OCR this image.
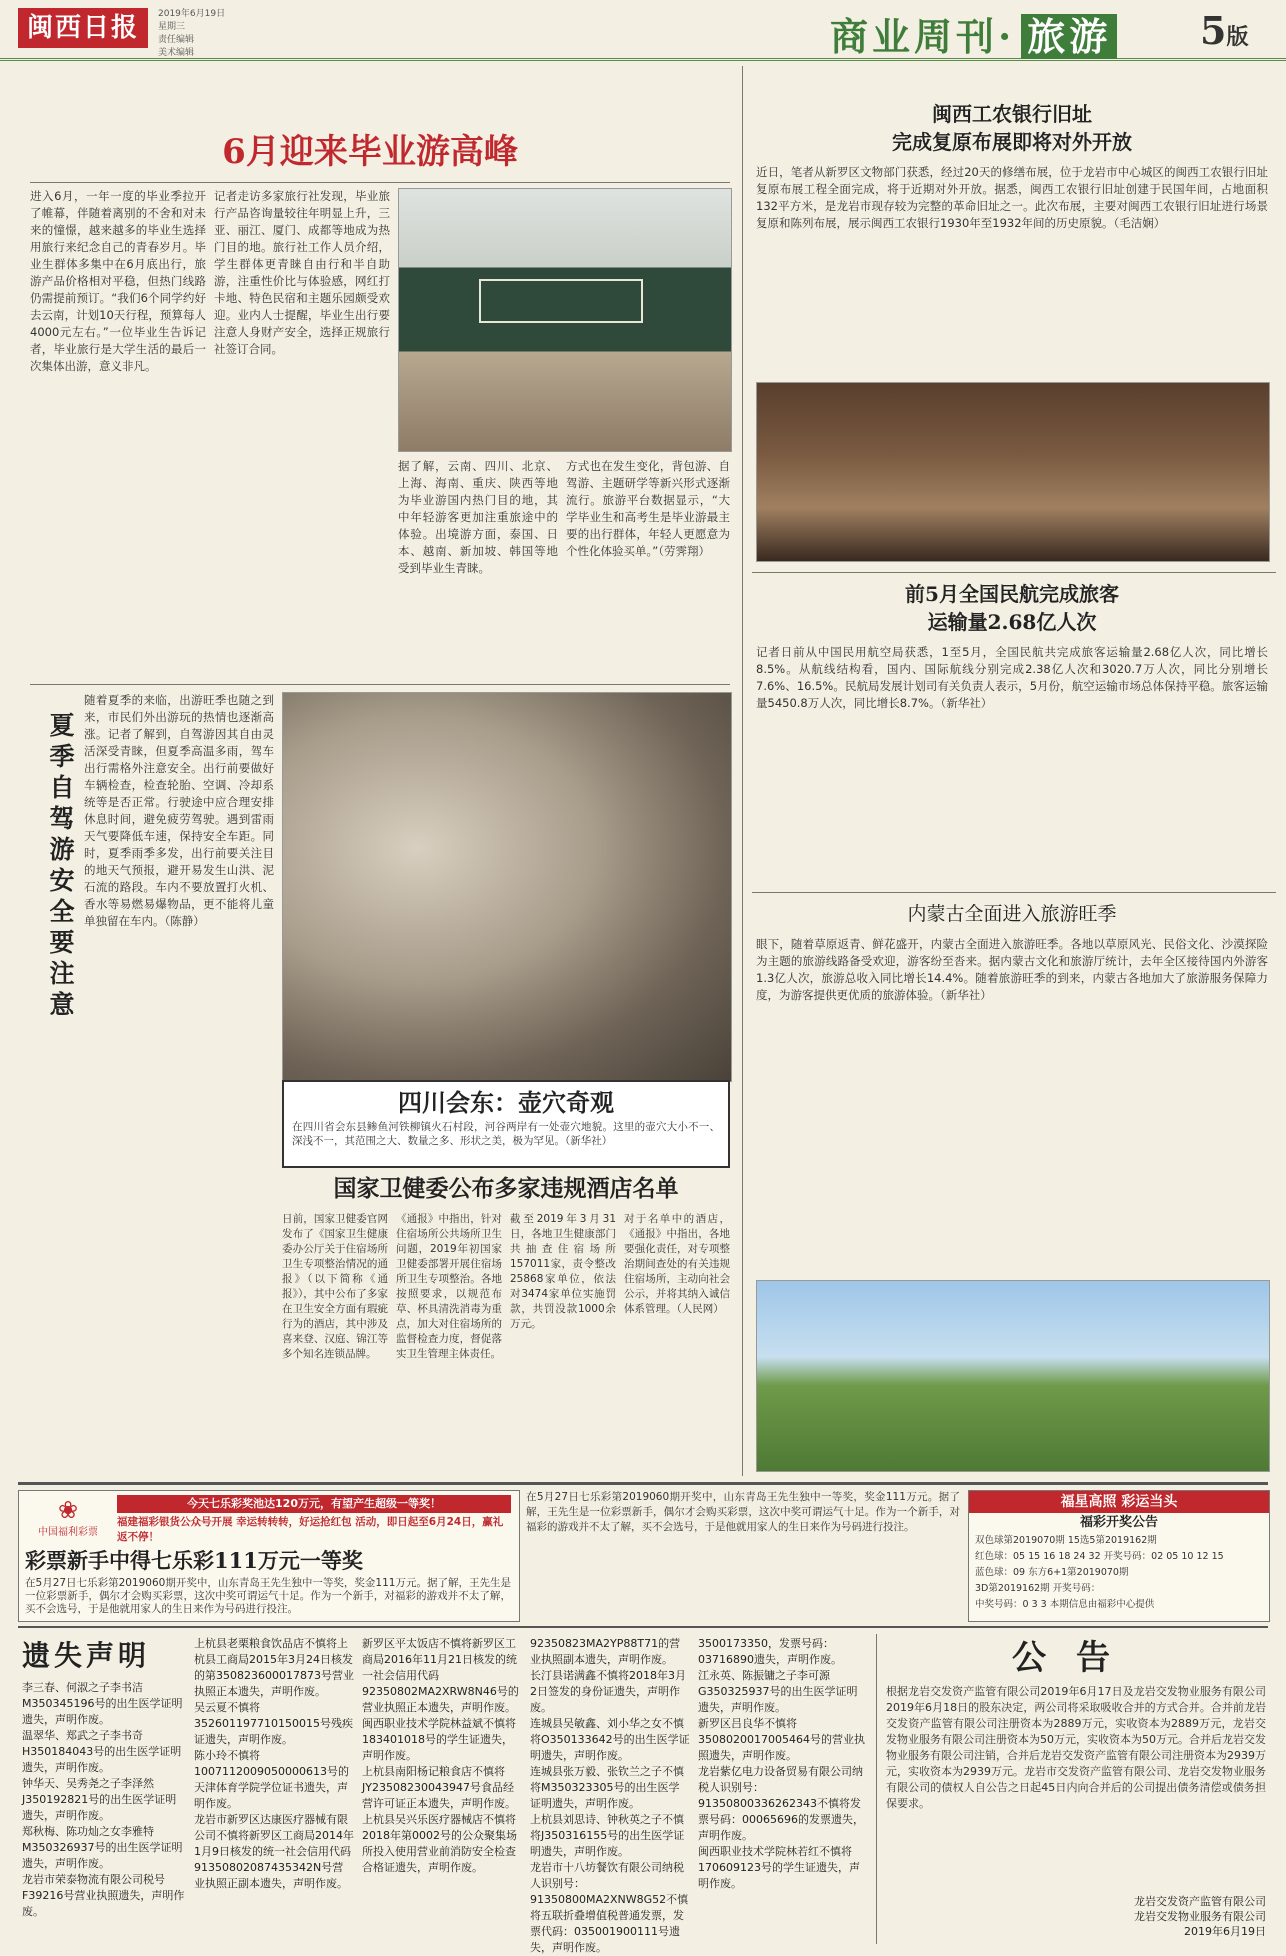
闽西日报	2019年6月19日
星期三
责任编辑
美术编辑	商业周刊· 旅游 5版
6月迎来毕业游高峰
进入6月，一年一度的毕业季拉开了帷幕，伴随着离别的不舍和对未来的憧憬，越来越多的毕业生选择用旅行来纪念自己的青春岁月。毕业生群体多集中在6月底出行，旅游产品价格相对平稳，但热门线路仍需提前预订。“我们6个同学约好去云南，计划10天行程，预算每人4000元左右。”一位毕业生告诉记者，毕业旅行是大学生活的最后一次集体出游，意义非凡。
记者走访多家旅行社发现，毕业旅行产品咨询量较往年明显上升，三亚、丽江、厦门、成都等地成为热门目的地。旅行社工作人员介绍，学生群体更青睐自由行和半自助游，注重性价比与体验感，网红打卡地、特色民宿和主题乐园颇受欢迎。业内人士提醒，毕业生出行要注意人身财产安全，选择正规旅行社签订合同。
据了解，云南、四川、北京、上海、海南、重庆、陕西等地为毕业游国内热门目的地，其中年轻游客更加注重旅途中的体验。出境游方面，泰国、日本、越南、新加坡、韩国等地受到毕业生青睐。
方式也在发生变化，背包游、自驾游、主题研学等新兴形式逐渐流行。旅游平台数据显示，“大学毕业生和高考生是毕业游最主要的出行群体，年轻人更愿意为个性化体验买单。”（劳霁翔）
闽西工农银行旧址
完成复原布展即将对外开放
近日，笔者从新罗区文物部门获悉，经过20天的修缮布展，位于龙岩市中心城区的闽西工农银行旧址复原布展工程全面完成，将于近期对外开放。据悉，闽西工农银行旧址创建于民国年间，占地面积132平方米，是龙岩市现存较为完整的革命旧址之一。此次布展，主要对闽西工农银行旧址进行场景复原和陈列布展，展示闽西工农银行1930年至1932年间的历史原貌。（毛洁娴）
前5月全国民航完成旅客
运输量2.68亿人次
记者日前从中国民用航空局获悉，1至5月，全国民航共完成旅客运输量2.68亿人次，同比增长8.5%。从航线结构看，国内、国际航线分别完成2.38亿人次和3020.7万人次，同比分别增长7.6%、16.5%。民航局发展计划司有关负责人表示，5月份，航空运输市场总体保持平稳。旅客运输量5450.8万人次，同比增长8.7%。（新华社）
内蒙古全面进入旅游旺季
眼下，随着草原返青、鲜花盛开，内蒙古全面进入旅游旺季。各地以草原风光、民俗文化、沙漠探险为主题的旅游线路备受欢迎，游客纷至沓来。据内蒙古文化和旅游厅统计，去年全区接待国内外游客1.3亿人次，旅游总收入同比增长14.4%。随着旅游旺季的到来，内蒙古各地加大了旅游服务保障力度，为游客提供更优质的旅游体验。（新华社）
夏季自驾游安全要注意
随着夏季的来临，出游旺季也随之到来，市民们外出游玩的热情也逐渐高涨。记者了解到，自驾游因其自由灵活深受青睐，但夏季高温多雨，驾车出行需格外注意安全。出行前要做好车辆检查，检查轮胎、空调、冷却系统等是否正常。行驶途中应合理安排休息时间，避免疲劳驾驶。遇到雷雨天气要降低车速，保持安全车距。同时，夏季雨季多发，出行前要关注目的地天气预报，避开易发生山洪、泥石流的路段。车内不要放置打火机、香水等易燃易爆物品，更不能将儿童单独留在车内。（陈静）
四川会东：壶穴奇观
在四川省会东县鲹鱼河铁柳镇火石村段，河谷两岸有一处壶穴地貌。这里的壶穴大小不一、深浅不一，其范围之大、数量之多、形状之美，极为罕见。（新华社）
国家卫健委公布多家违规酒店名单
日前，国家卫健委官网发布了《国家卫生健康委办公厅关于住宿场所卫生专项整治情况的通报》（以下简称《通报》），其中公布了多家在卫生安全方面有瑕疵行为的酒店，其中涉及喜来登、汉庭、锦江等多个知名连锁品牌。
《通报》中指出，针对住宿场所公共场所卫生问题，2019年初国家卫健委部署开展住宿场所卫生专项整治。各地按照要求，以规范布草、杯具清洗消毒为重点，加大对住宿场所的监督检查力度，督促落实卫生管理主体责任。
截至2019年3月31日，各地卫生健康部门共抽查住宿场所157011家，责令整改25868家单位，依法对3474家单位实施罚款，共罚没款1000余万元。
对于名单中的酒店，《通报》中指出，各地要强化责任，对专项整治期间查处的有关违规住宿场所，主动向社会公示，并将其纳入诚信体系管理。（人民网）
❀
中国福利彩票
今天七乐彩奖池达120万元，有望产生超级一等奖！
福建福彩银货公众号开展 幸运转转转，好运抢红包 活动，即日起至6月24日，赢礼返不停！
彩票新手中得七乐彩111万元一等奖
在5月27日七乐彩第2019060期开奖中，山东青岛王先生独中一等奖，奖金111万元。据了解，王先生是一位彩票新手，偶尔才会购买彩票，这次中奖可谓运气十足。作为一个新手，对福彩的游戏并不太了解，买不会选号，于是他就用家人的生日来作为号码进行投注。
在5月27日七乐彩第2019060期开奖中，山东青岛王先生独中一等奖，奖金111万元。据了解，王先生是一位彩票新手，偶尔才会购买彩票，这次中奖可谓运气十足。作为一个新手，对福彩的游戏并不太了解，买不会选号，于是他就用家人的生日来作为号码进行投注。
福星高照 彩运当头
福彩开奖公告
双色球第2019070期 15选5第2019162期
红色球：05 15 16 18 24 32 开奖号码：02 05 10 12 15
蓝色球：09 东方6+1第2019070期
3D第2019162期 开奖号码：
中奖号码：0 3 3 本期信息由福彩中心提供
遗失声明
李三春、何淑之子李书洁M350345196号的出生医学证明遗失，声明作废。
温翠华、郑武之子李书奇H350184043号的出生医学证明遗失，声明作废。
钟华天、吴秀尧之子李泽然J350192821号的出生医学证明遗失，声明作废。
郑秋梅、陈功灿之女李雅特M350326937号的出生医学证明遗失，声明作废。
龙岩市荣泰物流有限公司税号F39216号营业执照遗失，声明作废。
上杭县老栗粮食饮品店不慎将上杭县工商局2015年3月24日核发的第350823600017873号营业执照正本遗失，声明作废。
吴云夏不慎将352601197710150015号残疾证遗失，声明作废。
陈小玲不慎将1007112009050000613号的天津体育学院学位证书遗失，声明作废。
龙岩市新罗区达康医疗器械有限公司不慎将新罗区工商局2014年1月9日核发的统一社会信用代码91350802087435342N号营业执照正副本遗失，声明作废。
新罗区平太饭店不慎将新罗区工商局2016年11月21日核发的统一社会信用代码92350802MA2XRW8N46号的营业执照正本遗失，声明作废。
闽西职业技术学院林益斌不慎将183401018号的学生证遗失，声明作废。
上杭县南阳杨记粮食店不慎将JY23508230043947号食品经营许可证正本遗失，声明作废。
上杭县吴兴乐医疗器械店不慎将2018年第0002号的公众聚集场所投入使用营业前消防安全检查合格证遗失，声明作废。
92350823MA2YP88T71的营业执照副本遗失，声明作废。
长汀县诺满鑫不慎将2018年3月2日签发的身份证遗失，声明作废。
连城县吴敏鑫、刘小华之女不慎将O350133642号的出生医学证明遗失，声明作废。
连城县张万毅、张钦兰之子不慎将M350323305号的出生医学证明遗失，声明作废。
上杭县刘思诗、钟秋英之子不慎将J350316155号的出生医学证明遗失，声明作废。
龙岩市十八坊餐饮有限公司纳税人识别号：91350800MA2XNW8G52不慎将五联折叠增值税普通发票，发票代码：035001900111号遗失，声明作废。
3500173350，发票号码：03716890遗失，声明作废。
江永英、陈振镛之子李可源G350325937号的出生医学证明遗失，声明作废。
新罗区吕良华不慎将3508020017005464号的营业执照遗失，声明作废。
龙岩紫亿电力设备贸易有限公司纳税人识别号：91350800336262343不慎将发票号码：00065696的发票遗失，声明作废。
闽西职业技术学院林若红不慎将170609123号的学生证遗失，声明作废。
公告
根据龙岩交发资产监管有限公司2019年6月17日及龙岩交发物业服务有限公司2019年6月18日的股东决定，两公司将采取吸收合并的方式合并。合并前龙岩交发资产监管有限公司注册资本为2889万元，实收资本为2889万元，龙岩交发物业服务有限公司注册资本为50万元，实收资本为50万元。合并后龙岩交发物业服务有限公司注销，合并后龙岩交发资产监管有限公司注册资本为2939万元，实收资本为2939万元。龙岩市交发资产监管有限公司、龙岩交发物业服务有限公司的债权人自公告之日起45日内向合并后的公司提出债务清偿或债务担保要求。
龙岩交发资产监管有限公司
龙岩交发物业服务有限公司
2019年6月19日
